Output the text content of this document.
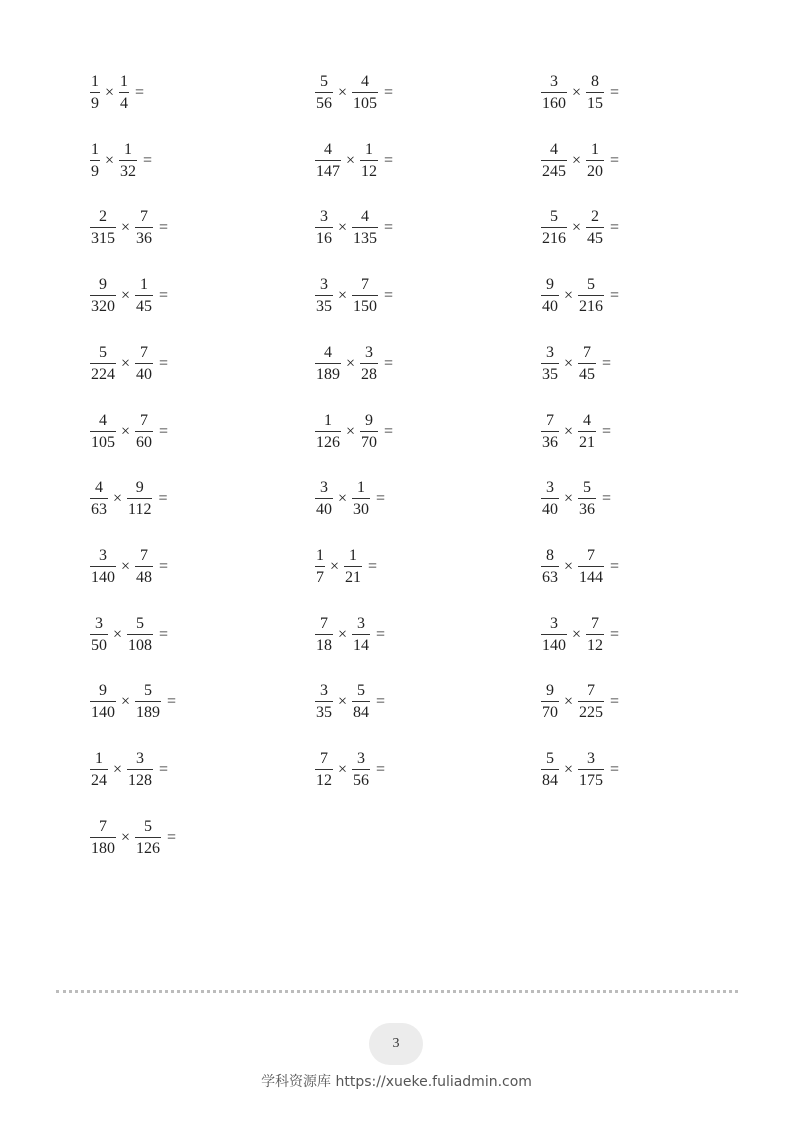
$\frac{1}{9} \times \frac{1}{4}$ =	$\frac{5}{56} \times \frac{4}{105}$ =	$\frac{3}{160} \times \frac{8}{15}$ =
$\frac{1}{9} \times \frac{1}{32}$ =	$\frac{4}{147} \times \frac{1}{12}$ =	$\frac{4}{245} \times \frac{1}{20}$ =
$\frac{2}{315} \times \frac{7}{36}$ =	$\frac{3}{16} \times \frac{4}{135}$ =	$\frac{5}{216} \times \frac{2}{45}$ =
$\frac{9}{320} \times \frac{1}{45}$ =	$\frac{3}{35} \times \frac{7}{150}$ =	$\frac{9}{40} \times \frac{5}{216}$ =
$\frac{5}{224} \times \frac{7}{40}$ =	$\frac{4}{189} \times \frac{3}{28}$ =	$\frac{3}{35} \times \frac{7}{45}$ =
$\frac{4}{105} \times \frac{7}{60}$ =	$\frac{1}{126} \times \frac{9}{70}$ =	$\frac{7}{36} \times \frac{4}{21}$ =
$\frac{4}{63} \times \frac{9}{112}$ =	$\frac{3}{40} \times \frac{1}{30}$ =	$\frac{3}{40} \times \frac{5}{36}$ =
$\frac{3}{140} \times \frac{7}{48}$ =	$\frac{1}{7} \times \frac{1}{21}$ =	$\frac{8}{63} \times \frac{7}{144}$ =
$\frac{3}{50} \times \frac{5}{108}$ =	$\frac{7}{18} \times \frac{3}{14}$ =	$\frac{3}{140} \times \frac{7}{12}$ =
$\frac{9}{140} \times \frac{5}{189}$ =	$\frac{3}{35} \times \frac{5}{84}$ =	$\frac{9}{70} \times \frac{7}{225}$ =
$\frac{1}{24} \times \frac{3}{128}$ =	$\frac{7}{12} \times \frac{3}{56}$ =	$\frac{5}{84} \times \frac{3}{175}$ =
$\frac{7}{180} \times \frac{5}{126}$ =
3
学科资源库 https://xueke.fuliadmin.com
